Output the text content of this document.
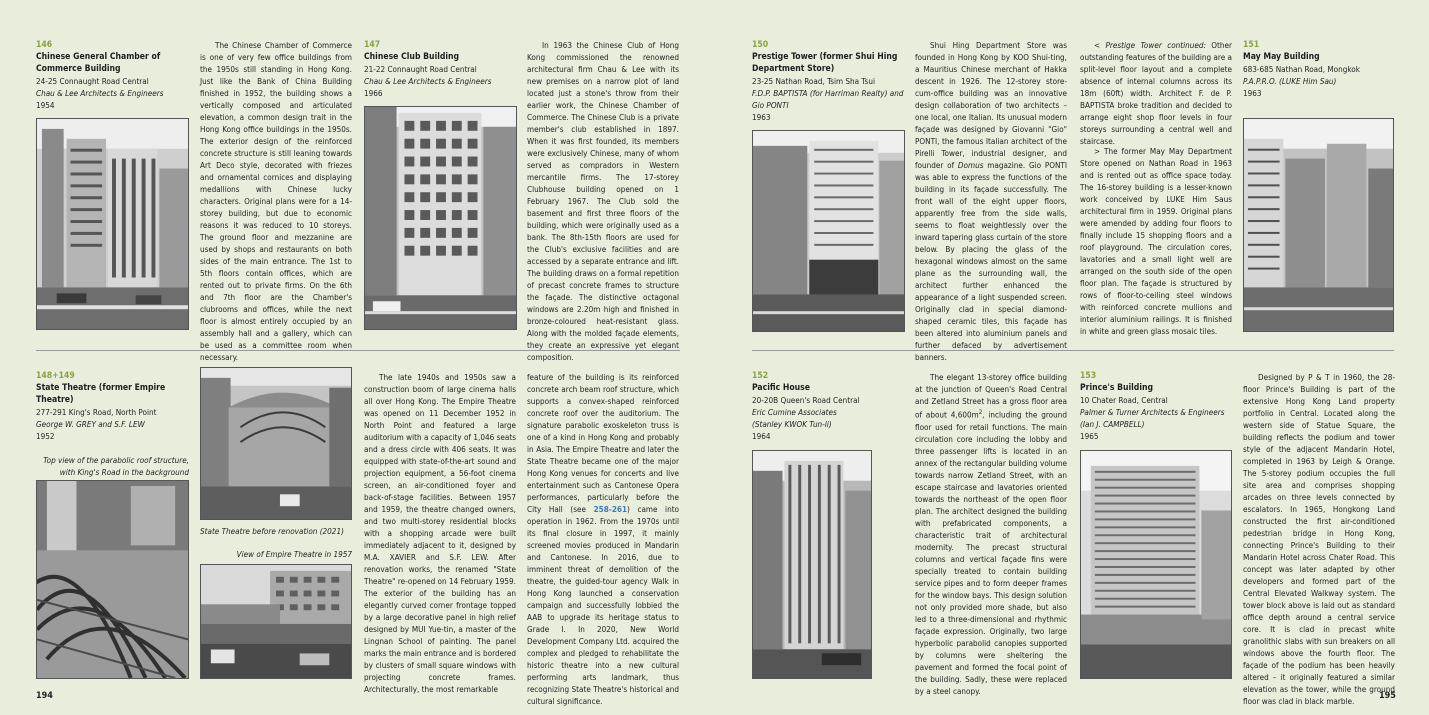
146
Chinese General Chamber of Commerce Building
24-25 Connaught Road Central
Chau & Lee Architects & Engineers
1954
The Chinese Chamber of Commerce is one of very few office buildings from the 1950s still standing in Hong Kong. Just like the Bank of China Building finished in 1952, the building shows a vertically composed and articulated elevation, a common design trait in the Hong Kong office buildings in the 1950s. The exterior design of the reinforced concrete structure is still leaning towards Art Deco style, decorated with friezes and ornamental cornices and displaying medallions with Chinese lucky characters. Original plans were for a 14-storey building, but due to economic reasons it was reduced to 10 storeys. The ground floor and mezzanine are used by shops and restaurants on both sides of the main entrance. The 1st to 5th floors contain offices, which are rented out to private firms. On the 6th and 7th floor are the Chamber's clubrooms and offices, while the next floor is almost entirely occupied by an assembly hall and a gallery, which can be used as a committee room when necessary.
147
Chinese Club Building
21-22 Connaught Road Central
Chau & Lee Architects & Engineers
1966
In 1963 the Chinese Club of Hong Kong commissioned the renowned architectural firm Chau & Lee with its new premises on a narrow plot of land located just a stone's throw from their earlier work, the Chinese Chamber of Commerce. The Chinese Club is a private member's club established in 1897. When it was first founded, its members were exclusively Chinese, many of whom served as compradors in Western mercantile firms. The 17-storey Clubhouse building opened on 1 February 1967. The Club sold the basement and first three floors of the building, which were originally used as a bank. The 8th-15th floors are used for the Club's exclusive facilities and are accessed by a separate entrance and lift. The building draws on a formal repetition of precast concrete frames to structure the façade. The distinctive octagonal windows are 2.20m high and finished in bronze-coloured heat-resistant glass. Along with the molded façade elements, they create an expressive yet elegant composition.
148+149
State Theatre (former Empire Theatre)
277-291 King's Road, North Point
George W. GREY and S.F. LEW
1952
Top view of the parabolic roof structure, with King's Road in the background
State Theatre before renovation (2021)
View of Empire Theatre in 1957
The late 1940s and 1950s saw a construction boom of large cinema halls all over Hong Kong. The Empire Theatre was opened on 11 December 1952 in North Point and featured a large auditorium with a capacity of 1,046 seats and a dress circle with 406 seats. It was equipped with state-of-the-art sound and projection equipment, a 56-foot cinema screen, an air-conditioned foyer and back-of-stage facilities. Between 1957 and 1959, the theatre changed owners, and two multi-storey residential blocks with a shopping arcade were built immediately adjacent to it, designed by M.A. XAVIER and S.F. LEW. After renovation works, the renamed "State Theatre" re-opened on 14 February 1959. The exterior of the building has an elegantly curved corner frontage topped by a large decorative panel in high relief designed by MUI Yue-tin, a master of the Lingnan School of painting. The panel marks the main entrance and is bordered by clusters of small square windows with projecting concrete frames. Architecturally, the most remarkable
feature of the building is its reinforced concrete arch beam roof structure, which supports a convex-shaped reinforced concrete roof over the auditorium. The signature parabolic exoskeleton truss is one of a kind in Hong Kong and probably in Asia. The Empire Theatre and later the State Theatre became one of the major Hong Kong venues for concerts and live entertainment such as Cantonese Opera performances, particularly before the City Hall (see 258-261) came into operation in 1962. From the 1970s until its final closure in 1997, it mainly screened movies produced in Mandarin and Cantonese. In 2016, due to imminent threat of demolition of the theatre, the guided-tour agency Walk in Hong Kong launched a conservation campaign and successfully lobbied the AAB to upgrade its heritage status to Grade I. In 2020, New World Development Company Ltd. acquired the complex and pledged to rehabilitate the historic theatre into a new cultural performing arts landmark, thus recognizing State Theatre's historical and cultural significance.
194
150
Prestige Tower (former Shui Hing Department Store)
23-25 Nathan Road, Tsim Sha Tsui
F.D.P. BAPTISTA (for Harriman Realty) and Gio PONTI
1963
Shui Hing Department Store was founded in Hong Kong by KOO Shui-ting, a Mauritius Chinese merchant of Hakka descent in 1926. The 12-storey store-cum-office building was an innovative design collaboration of two architects – one local, one Italian. Its unusual modern façade was designed by Giovanni "Gio" PONTI, the famous Italian architect of the Pirelli Tower, industrial designer, and founder of Domus magazine. Gio PONTI was able to express the functions of the building in its façade successfully. The front wall of the eight upper floors, apparently free from the side walls, seems to float weightlessly over the inward tapering glass curtain of the store below. By placing the glass of the hexagonal windows almost on the same plane as the surrounding wall, the architect further enhanced the appearance of a light suspended screen. Originally clad in special diamond-shaped ceramic tiles, this façade has been altered into aluminium panels and further defaced by advertisement banners.
< Prestige Tower continued: Other outstanding features of the building are a split-level floor layout and a complete absence of internal columns across its 18m (60ft) width. Architect F. de P. BAPTISTA broke tradition and decided to arrange eight shop floor levels in four storeys surrounding a central well and staircase.
> The former May May Department Store opened on Nathan Road in 1963 and is rented out as office space today. The 16-storey building is a lesser-known work conceived by LUKE Him Saus architectural firm in 1959. Original plans were amended by adding four floors to finally include 15 shopping floors and a roof playground. The circulation cores, lavatories and a small light well are arranged on the south side of the open floor plan. The façade is structured by rows of floor-to-ceiling steel windows with reinforced concrete mullions and interior aluminium railings. It is finished in white and green glass mosaic tiles.
151
May May Building
683-685 Nathan Road, Mongkok
P.A.P.R.O. (LUKE Him Sau)
1963
152
Pacific House
20-20B Queen's Road Central
Eric Cumine Associates (Stanley KWOK Tun-li)
1964
The elegant 13-storey office building at the junction of Queen's Road Central and Zetland Street has a gross floor area of about $4,600m^2$, including the ground floor used for retail functions. The main circulation core including the lobby and three passenger lifts is located in an annex of the rectangular building volume towards narrow Zetland Street, with an escape staircase and lavatories oriented towards the northeast of the open floor plan. The architect designed the building with prefabricated components, a characteristic trait of architectural modernity. The precast structural columns and vertical façade fins were specially treated to contain building service pipes and to form deeper frames for the window bays. This design solution not only provided more shade, but also led to a three-dimensional and rhythmic façade expression. Originally, two large hyperbolic parabolid canopies supported by columns were sheltering the pavement and formed the focal point of the building. Sadly, these were replaced by a steel canopy.
153
Prince's Building
10 Chater Road, Central
Palmer & Turner Architects & Engineers (Ian J. CAMPBELL)
1965
Designed by P & T in 1960, the 28-floor Prince's Building is part of the extensive Hong Kong Land property portfolio in Central. Located along the western side of Statue Square, the building reflects the podium and tower style of the adjacent Mandarin Hotel, completed in 1963 by Leigh & Orange. The 5-storey podium occupies the full site area and comprises shopping arcades on three levels connected by escalators. In 1965, Hongkong Land constructed the first air-conditioned pedestrian bridge in Hong Kong, connecting Prince's Building to their Mandarin Hotel across Chater Road. This concept was later adapted by other developers and formed part of the Central Elevated Walkway system. The tower block above is laid out as standard office depth around a central service core. It is clad in precast white granolithic slabs with sun breakers on all windows above the fourth floor. The façade of the podium has been heavily altered – it originally featured a similar elevation as the tower, while the ground floor was clad in black marble.	195
